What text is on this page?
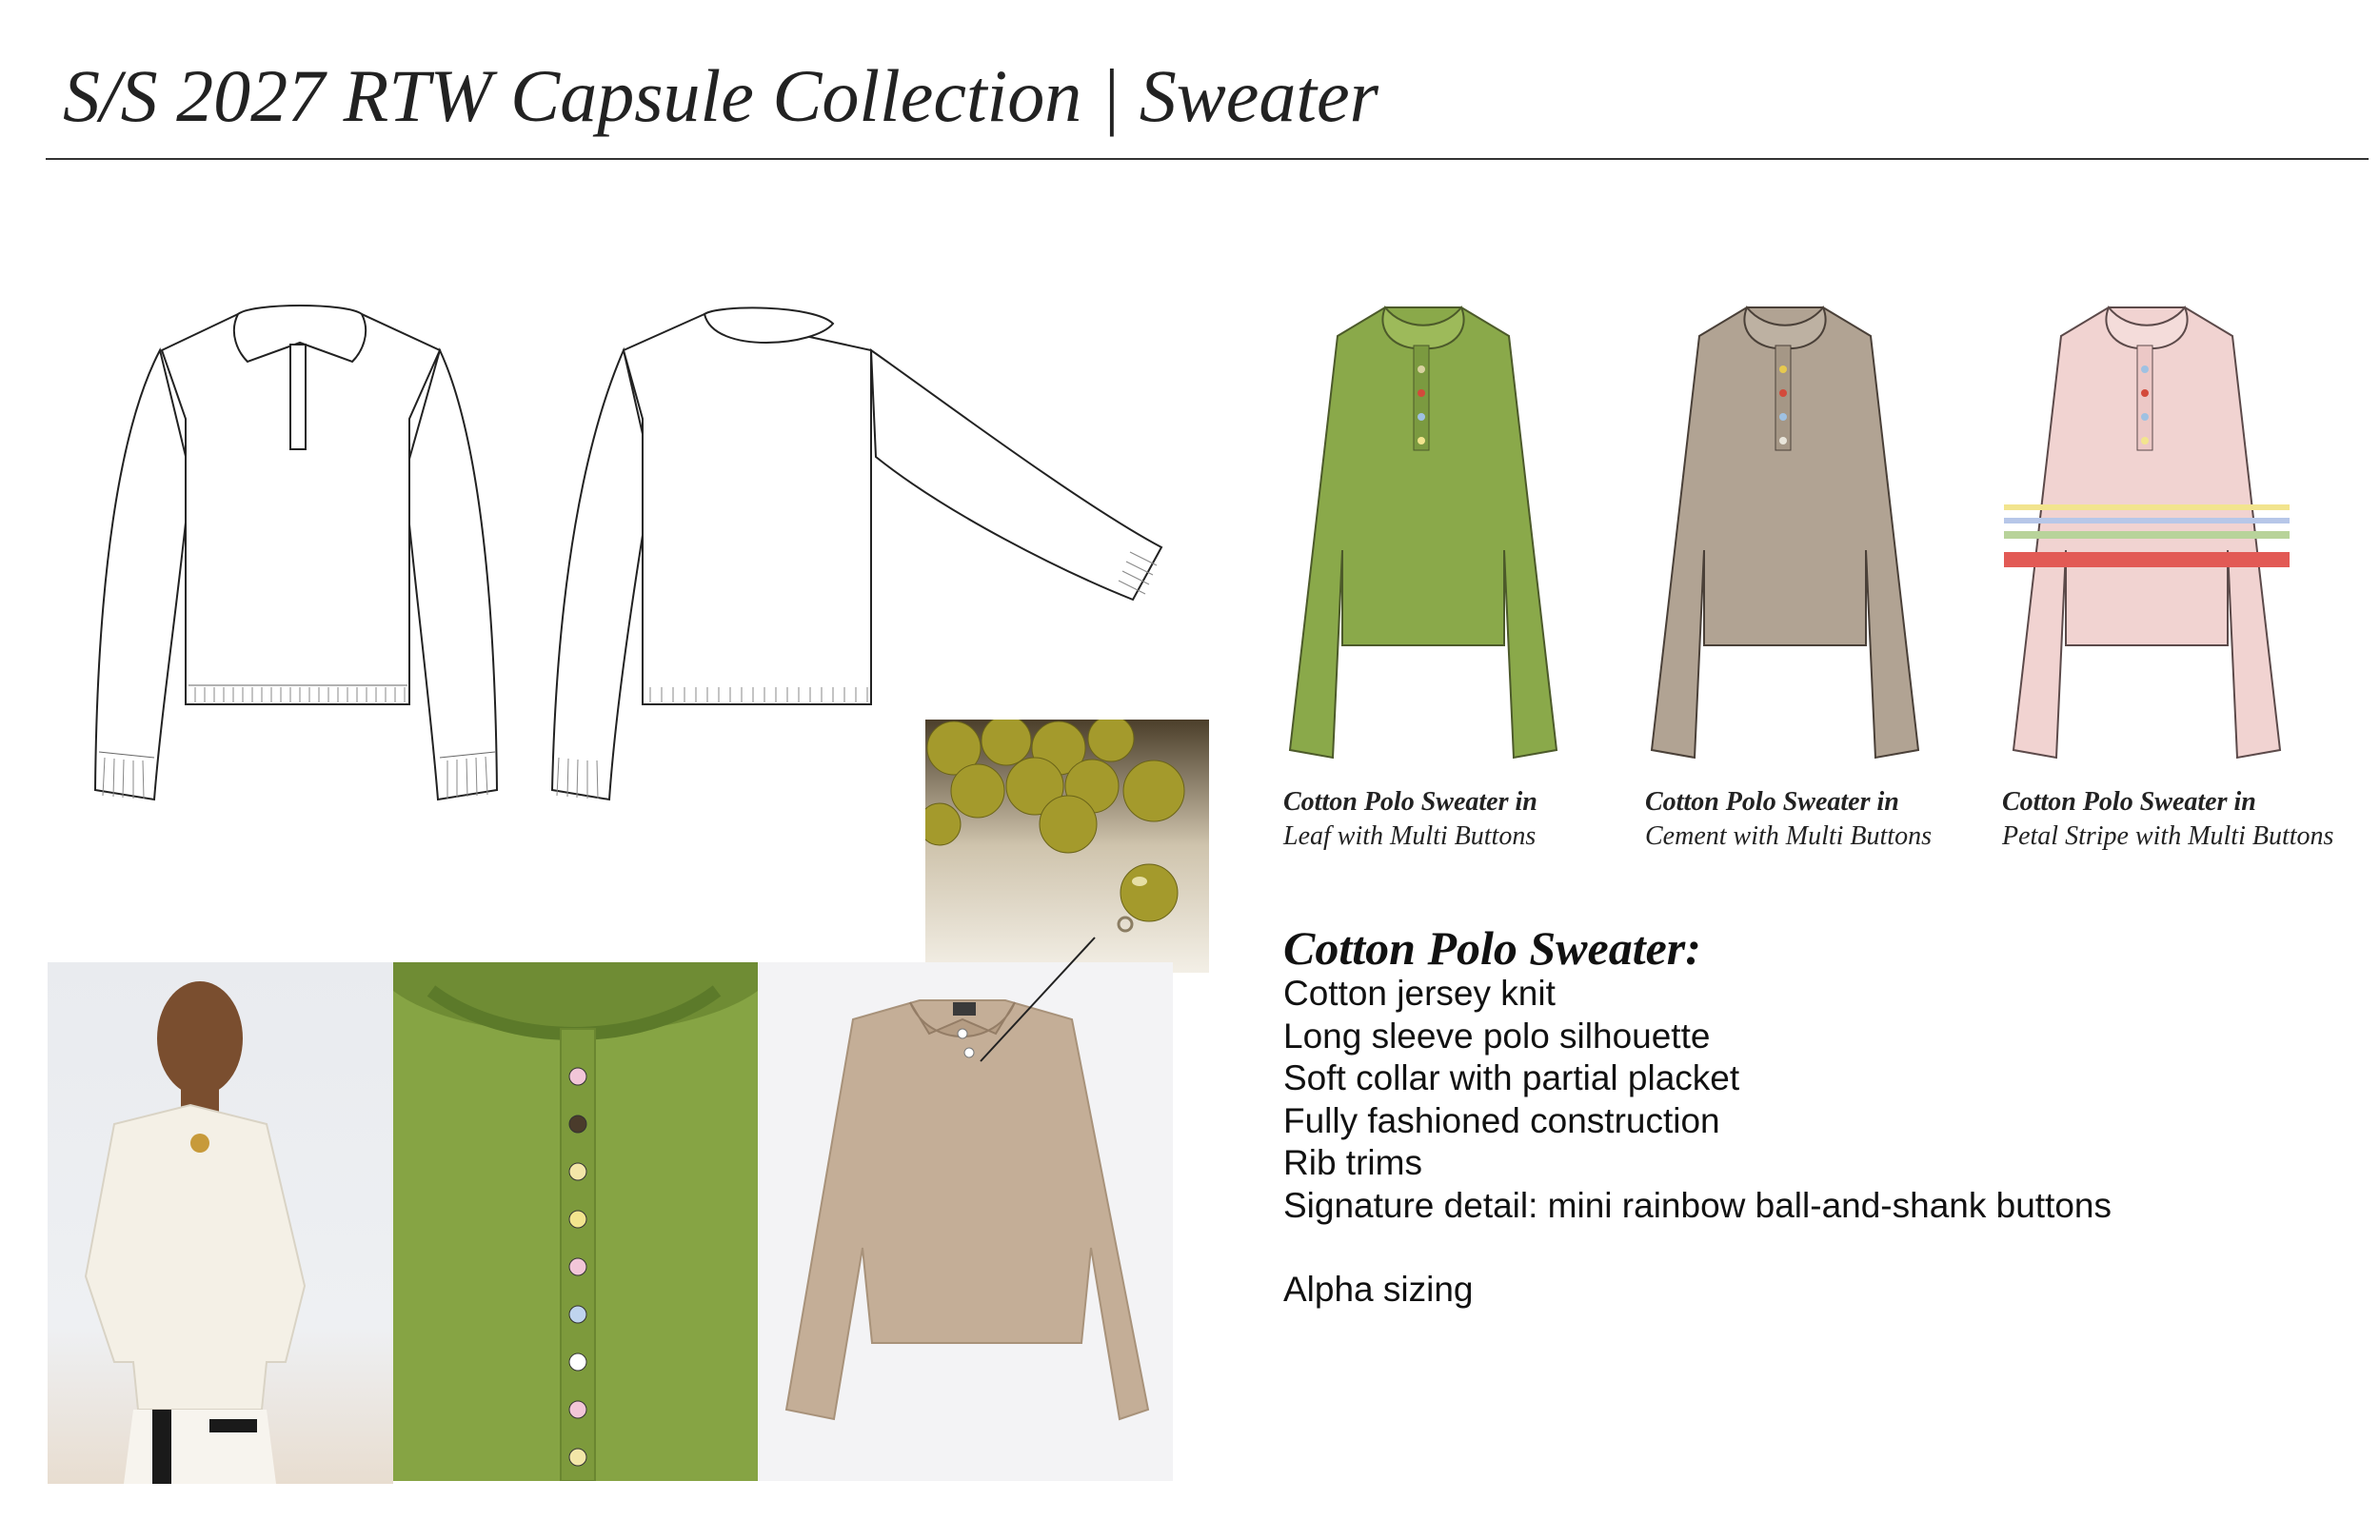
S/S 2027 RTW Capsule Collection | Sweater
Cotton Polo Sweater in
Leaf with Multi Buttons
Cotton Polo Sweater in
Cement with Multi Buttons
Cotton Polo Sweater in
Petal Stripe with Multi Buttons
Cotton Polo Sweater:
Cotton jersey knit
Long sleeve polo silhouette
Soft collar with partial placket
Fully fashioned construction
Rib trims
Signature detail: mini rainbow ball-and-shank buttons
Alpha sizing
